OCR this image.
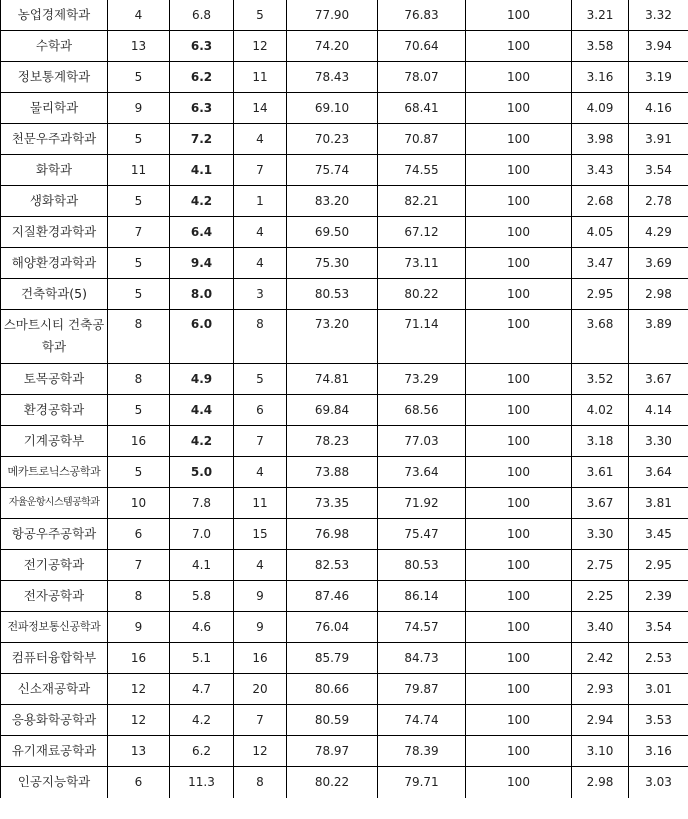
농업경제학과	4	6.8	5	77.90	76.83	100	3.21	3.32
수학과	13	6.3	12	74.20	70.64	100	3.58	3.94
정보통계학과	5	6.2	11	78.43	78.07	100	3.16	3.19
물리학과	9	6.3	14	69.10	68.41	100	4.09	4.16
천문우주과학과	5	7.2	4	70.23	70.87	100	3.98	3.91
화학과	11	4.1	7	75.74	74.55	100	3.43	3.54
생화학과	5	4.2	1	83.20	82.21	100	2.68	2.78
지질환경과학과	7	6.4	4	69.50	67.12	100	4.05	4.29
해양환경과학과	5	9.4	4	75.30	73.11	100	3.47	3.69
건축학과(5)	5	8.0	3	80.53	80.22	100	2.95	2.98
스마트시티 건축공학과	8	6.0	8	73.20	71.14	100	3.68	3.89
토목공학과	8	4.9	5	74.81	73.29	100	3.52	3.67
환경공학과	5	4.4	6	69.84	68.56	100	4.02	4.14
기계공학부	16	4.2	7	78.23	77.03	100	3.18	3.30
메카트로닉스공학과	5	5.0	4	73.88	73.64	100	3.61	3.64
자율운항시스템공학과	10	7.8	11	73.35	71.92	100	3.67	3.81
항공우주공학과	6	7.0	15	76.98	75.47	100	3.30	3.45
전기공학과	7	4.1	4	82.53	80.53	100	2.75	2.95
전자공학과	8	5.8	9	87.46	86.14	100	2.25	2.39
전파정보통신공학과	9	4.6	9	76.04	74.57	100	3.40	3.54
컴퓨터융합학부	16	5.1	16	85.79	84.73	100	2.42	2.53
신소재공학과	12	4.7	20	80.66	79.87	100	2.93	3.01
응용화학공학과	12	4.2	7	80.59	74.74	100	2.94	3.53
유기재료공학과	13	6.2	12	78.97	78.39	100	3.10	3.16
인공지능학과	6	11.3	8	80.22	79.71	100	2.98	3.03
